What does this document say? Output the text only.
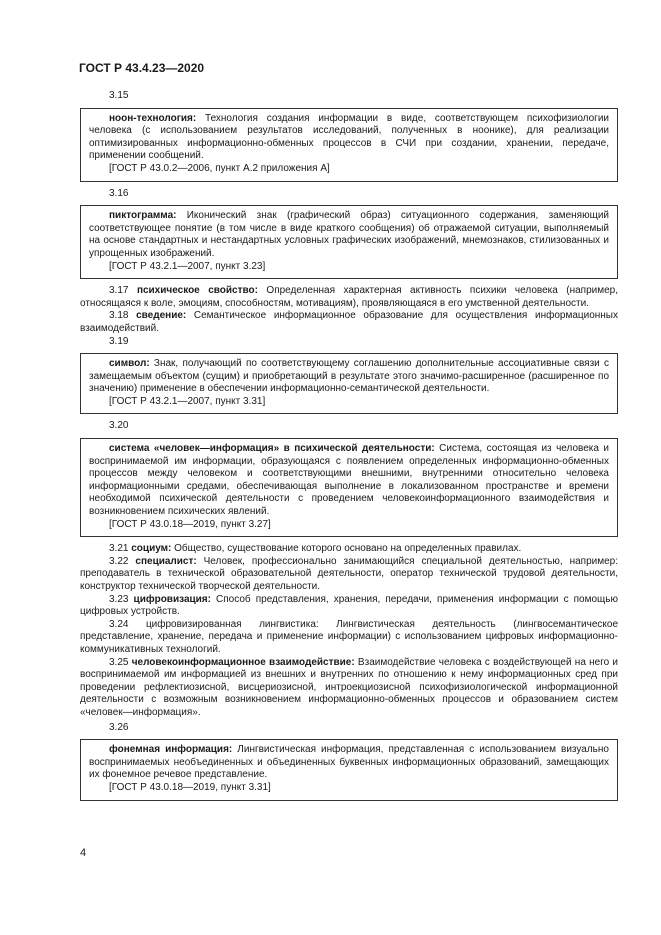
ГОСТ Р 43.4.23—2020
3.15

ноон-технология: Технология создания информации в виде, соответствующем психофизиологии человека (с использованием результатов исследований, полученных в ноонике), для реализации оптимизированных информационно-обменных процессов в СЧИ при создании, хранении, передаче, применении сообщений.

[ГОСТ Р 43.0.2—2006, пункт А.2 приложения А]

3.16

пиктограмма: Иконический знак (графический образ) ситуационного содержания, заменяющий соответствующее понятие (в том числе в виде краткого сообщения) об отражаемой ситуации, выполняемый на основе стандартных и нестандартных условных графических изображений, мнемознаков, стилизованных и упрощенных изображений.

[ГОСТ Р 43.2.1—2007, пункт 3.23]

3.17 психическое свойство: Определенная характерная активность психики человека (например, относящаяся к воле, эмоциям, способностям, мотивациям), проявляющаяся в его умственной деятельности.

3.18 сведение: Семантическое информационное образование для осуществления информационных взаимодействий.

3.19

символ: Знак, получающий по соответствующему соглашению дополнительные ассоциативные связи с замещаемым объектом (сущим) и приобретающий в результате этого значимо-расширенное (расширенное по значению) применение в обеспечении информационно-семантической деятельности.

[ГОСТ Р 43.2.1—2007, пункт 3.31]

3.20

система «человек—информация» в психической деятельности: Система, состоящая из человека и воспринимаемой им информации, образующаяся с появлением определенных информационно-обменных процессов между человеком и соответствующими внешними, внутренними относительно человека информационными средами, обеспечивающая выполнение в локализованном пространстве и времени необходимой психической деятельности с проведением человекоинформационного взаимодействия и возникновением психических явлений.

[ГОСТ Р 43.0.18—2019, пункт 3.27]

3.21 социум: Общество, существование которого основано на определенных правилах.

3.22 специалист: Человек, профессионально занимающийся специальной деятельностью, например: преподаватель в технической образовательной деятельности, оператор технической трудовой деятельности, конструктор технической творческой деятельности.

3.23 цифровизация: Способ представления, хранения, передачи, применения информации с помощью цифровых устройств.

3.24 цифровизированная лингвистика: Лингвистическая деятельность (лингвосемантическое представление, хранение, передача и применение информации) с использованием цифровых информационно-коммуникативных технологий.

3.25 человекоинформационное взаимодействие: Взаимодействие человека с воздействующей на него и воспринимаемой им информацией из внешних и внутренних по отношению к нему информационных сред при проведении рефлектиозисной, висцериозисной, интроекциозисной психофизиологической информационной деятельности с возможным возникновением информационно-обменных процессов и образованием систем «человек—информация».

3.26

фонемная информация: Лингвистическая информация, представленная с использованием визуально воспринимаемых необъединенных и объединенных буквенных информационных образований, замещающих их фонемное речевое представление.

[ГОСТ Р 43.0.18—2019, пункт 3.31]

4
